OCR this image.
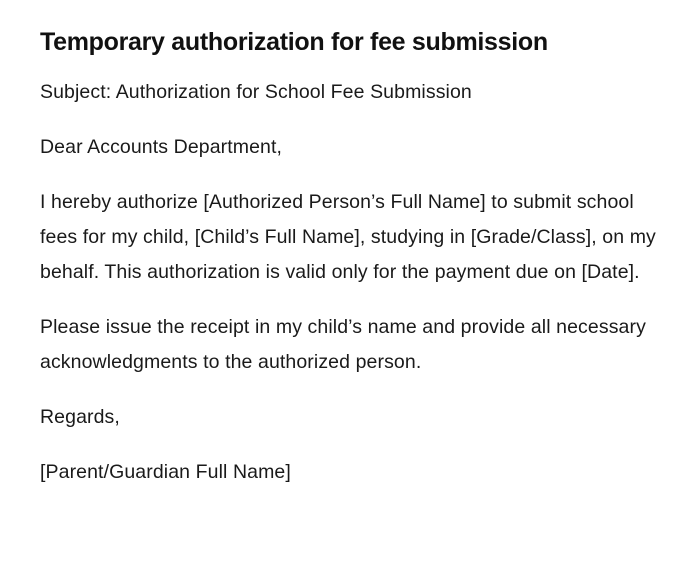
Temporary authorization for fee submission

Subject: Authorization for School Fee Submission

Dear Accounts Department,

I hereby authorize [Authorized Person’s Full Name] to submit school fees for my child, [Child’s Full Name], studying in [Grade/Class], on my behalf. This authorization is valid only for the payment due on [Date].

Please issue the receipt in my child’s name and provide all necessary acknowledgments to the authorized person.

Regards,

[Parent/Guardian Full Name]
